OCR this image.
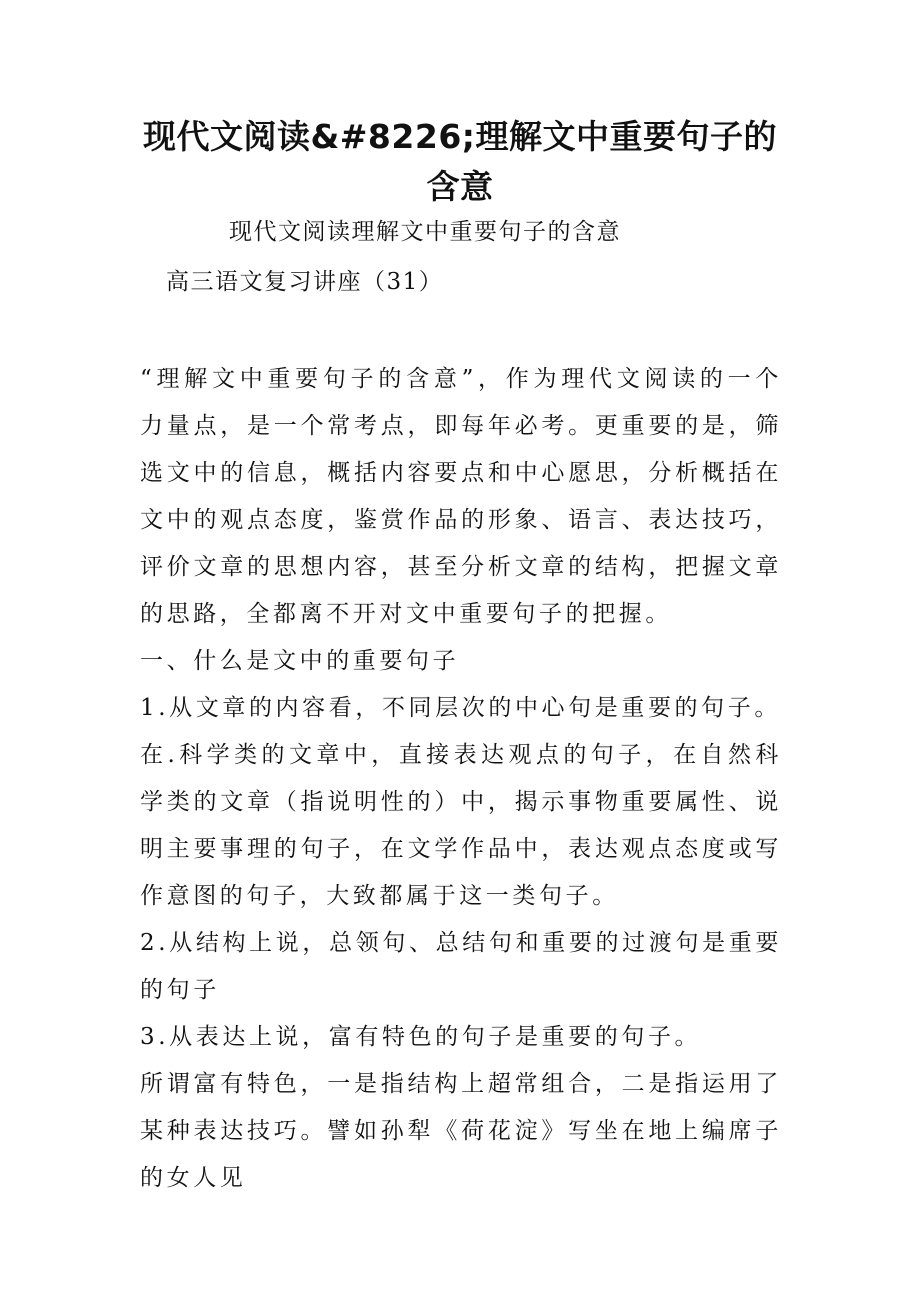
现代文阅读&#8226;理解文中重要句子的含意
现代文阅读理解文中重要句子的含意
高三语文复习讲座（31）

“理解文中重要句子的含意”，作为理代文阅读的一个力量点，是一个常考点，即每年必考。更重要的是，筛选文中的信息，概括内容要点和中心愿思，分析概括在文中的观点态度，鉴赏作品的形象、语言、表达技巧，评价文章的思想内容，甚至分析文章的结构，把握文章的思路，全都离不开对文中重要句子的把握。

一、什么是文中的重要句子

1.从文章的内容看，不同层次的中心句是重要的句子。

在.科学类的文章中，直接表达观点的句子，在自然科学类的文章（指说明性的）中，揭示事物重要属性、说明主要事理的句子，在文学作品中，表达观点态度或写作意图的句子，大致都属于这一类句子。

2.从结构上说，总领句、总结句和重要的过渡句是重要的句子

3.从表达上说，富有特色的句子是重要的句子。

所谓富有特色，一是指结构上超常组合，二是指运用了某种表达技巧。譬如孙犁《荷花淀》写坐在地上编席子的女人见
